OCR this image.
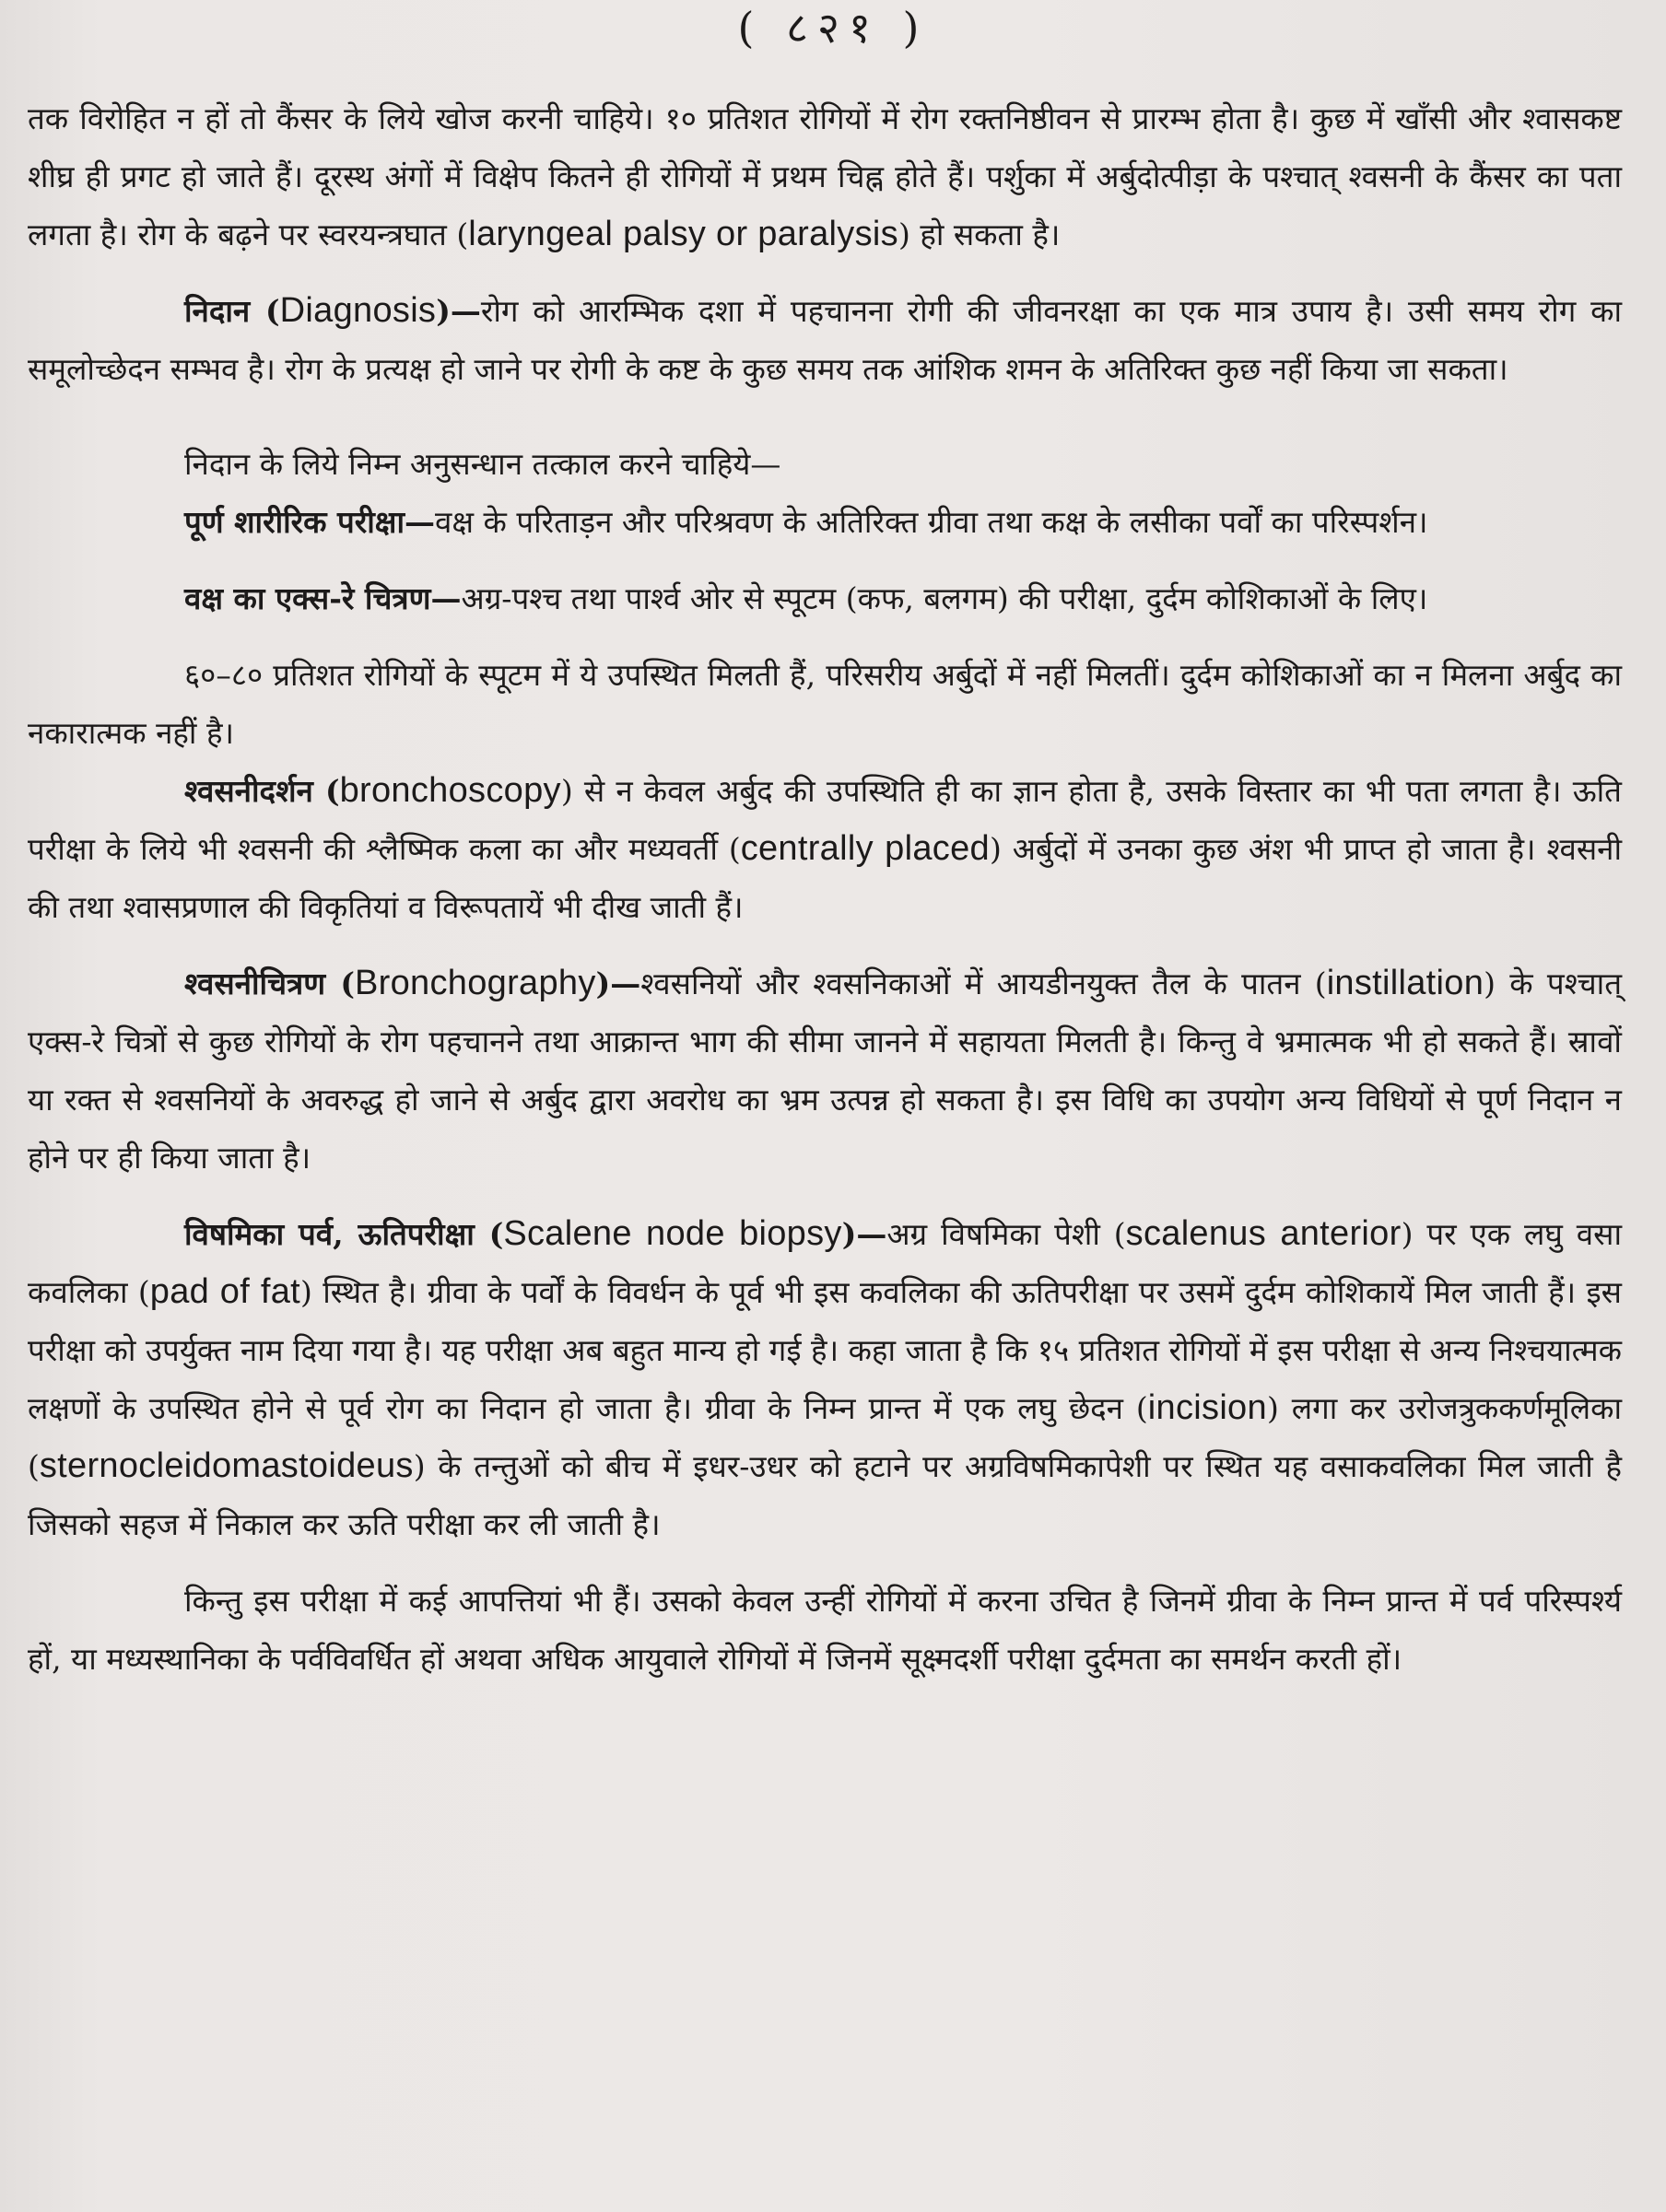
( ८२१ )

तक विरोहित न हों तो कैंसर के लिये खोज करनी चाहिये। १० प्रतिशत रोगियों में रोग रक्तनिष्ठीवन से प्रारम्भ होता है। कुछ में खाँसी और श्वासकष्ट शीघ्र ही प्रगट हो जाते हैं। दूरस्थ अंगों में विक्षेप कितने ही रोगियों में प्रथम चिह्न होते हैं। पर्शुका में अर्बुदोत्पीड़ा के पश्चात् श्वसनी के कैंसर का पता लगता है। रोग के बढ़ने पर स्वरयन्त्रघात (laryngeal palsy or paralysis) हो सकता है।

निदान (Diagnosis)—रोग को आरम्भिक दशा में पहचानना रोगी की जीवनरक्षा का एक मात्र उपाय है। उसी समय रोग का समूलोच्छेदन सम्भव है। रोग के प्रत्यक्ष हो जाने पर रोगी के कष्ट के कुछ समय तक आंशिक शमन के अतिरिक्त कुछ नहीं किया जा सकता।

निदान के लिये निम्न अनुसन्धान तत्काल करने चाहिये—

पूर्ण शारीरिक परीक्षा—वक्ष के परिताड़न और परिश्रवण के अतिरिक्त ग्रीवा तथा कक्ष के लसीका पर्वों का परिस्पर्शन।

वक्ष का एक्स-रे चित्रण—अग्र-पश्च तथा पार्श्व ओर से स्पूटम (कफ, बलगम) की परीक्षा, दुर्दम कोशिकाओं के लिए।

६०–८० प्रतिशत रोगियों के स्पूटम में ये उपस्थित मिलती हैं, परिसरीय अर्बुदों में नहीं मिलतीं। दुर्दम कोशिकाओं का न मिलना अर्बुद का नकारात्मक नहीं है।

श्वसनीदर्शन (bronchoscopy) से न केवल अर्बुद की उपस्थिति ही का ज्ञान होता है, उसके विस्तार का भी पता लगता है। ऊति परीक्षा के लिये भी श्वसनी की श्लैष्मिक कला का और मध्यवर्ती (centrally placed) अर्बुदों में उनका कुछ अंश भी प्राप्त हो जाता है। श्वसनी की तथा श्वासप्रणाल की विकृतियां व विरूपतायें भी दीख जाती हैं।

श्वसनीचित्रण (Bronchography)—श्वसनियों और श्वसनिकाओं में आयडीनयुक्त तैल के पातन (instillation) के पश्चात् एक्स-रे चित्रों से कुछ रोगियों के रोग पहचानने तथा आक्रान्त भाग की सीमा जानने में सहायता मिलती है। किन्तु वे भ्रमात्मक भी हो सकते हैं। स्रावों या रक्त से श्वसनियों के अवरुद्ध हो जाने से अर्बुद द्वारा अवरोध का भ्रम उत्पन्न हो सकता है। इस विधि का उपयोग अन्य विधियों से पूर्ण निदान न होने पर ही किया जाता है।

विषमिका पर्व, ऊतिपरीक्षा (Scalene node biopsy)—अग्र विषमिका पेशी (scalenus anterior) पर एक लघु वसा कवलिका (pad of fat) स्थित है। ग्रीवा के पर्वों के विवर्धन के पूर्व भी इस कवलिका की ऊतिपरीक्षा पर उसमें दुर्दम कोशिकायें मिल जाती हैं। इस परीक्षा को उपर्युक्त नाम दिया गया है। यह परीक्षा अब बहुत मान्य हो गई है। कहा जाता है कि १५ प्रतिशत रोगियों में इस परीक्षा से अन्य निश्चयात्मक लक्षणों के उपस्थित होने से पूर्व रोग का निदान हो जाता है। ग्रीवा के निम्न प्रान्त में एक लघु छेदन (incision) लगा कर उरोजत्रुककर्णमूलिका (sternocleidomastoideus) के तन्तुओं को बीच में इधर-उधर को हटाने पर अग्रविषमिकापेशी पर स्थित यह वसाकवलिका मिल जाती है जिसको सहज में निकाल कर ऊति परीक्षा कर ली जाती है।

किन्तु इस परीक्षा में कई आपत्तियां भी हैं। उसको केवल उन्हीं रोगियों में करना उचित है जिनमें ग्रीवा के निम्न प्रान्त में पर्व परिस्पर्श्य हों, या मध्यस्थानिका के पर्वविवर्धित हों अथवा अधिक आयुवाले रोगियों में जिनमें सूक्ष्मदर्शी परीक्षा दुर्दमता का समर्थन करती हों।
